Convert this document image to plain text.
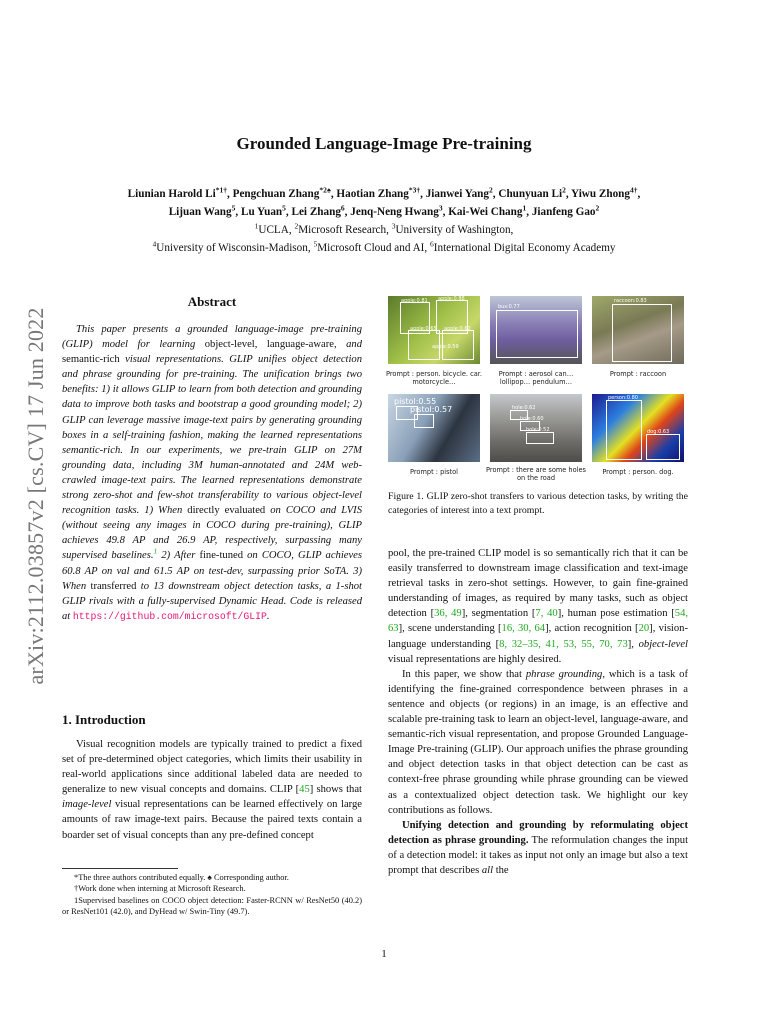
arXiv:2112.03857v2 [cs.CV] 17 Jun 2022
Grounded Language-Image Pre-training
Liunian Harold $Li^{*1\dagger}$, Pengchuan Zhang$^{*2♠}$, Haotian Zhang$^{*3\dagger}$, Jianwei Yang$^2$, Chunyuan Li$^2$, Yiwu Zhong$^{4\dagger}$,
Lijuan Wang$^5$, Lu Yuan$^5$, Lei Zhang$^6$, Jenq-Neng Hwang$^3$, Kai-Wei Chang$^1$, Jianfeng Gao$^2$
$^1$UCLA, $^2$Microsoft Research, $^3$University of Washington,
$^4$University of Wisconsin-Madison, $^5$Microsoft Cloud and AI, $^6$International Digital Economy Academy
Abstract

This paper presents a grounded language-image pre-training (GLIP) model for learning object-level, language-aware, and semantic-rich visual representations. GLIP unifies object detection and phrase grounding for pre-training. The unification brings two benefits: 1) it allows GLIP to learn from both detection and grounding data to improve both tasks and bootstrap a good grounding model; 2) GLIP can leverage massive image-text pairs by generating grounding boxes in a self-training fashion, making the learned representations semantic-rich. In our experiments, we pre-train GLIP on 27M grounding data, including 3M human-annotated and 24M web-crawled image-text pairs. The learned representations demonstrate strong zero-shot and few-shot transferability to various object-level recognition tasks. 1) When directly evaluated on COCO and LVIS (without seeing any images in COCO during pre-training), GLIP achieves 49.8 AP and 26.9 AP, respectively, surpassing many supervised baselines.$^1$ 2) After fine-tuned on COCO, GLIP achieves 60.8 AP on val and 61.5 AP on test-dev, surpassing prior SoTA. 3) When transferred to 13 downstream object detection tasks, a 1-shot GLIP rivals with a fully-supervised Dynamic Head. Code is released at https://github.com/microsoft/GLIP.

1. Introduction

Visual recognition models are typically trained to predict a fixed set of pre-determined object categories, which limits their usability in real-world applications since additional labeled data are needed to generalize to new visual concepts and domains. CLIP [45] shows that image-level visual representations can be learned effectively on large amounts of raw image-text pairs. Because the paired texts contain a boarder set of visual concepts than any pre-defined concept

*The three authors contributed equally. ♠ Corresponding author.
†Work done when interning at Microsoft Research.
1Supervised baselines on COCO object detection: Faster-RCNN w/ ResNet50 (40.2) or ResNet101 (42.0), and DyHead w/ Swin-Tiny (49.7).
apple:0.81 apple:0.88
apple:0.65 apple:0.62
apple:0.59
bus:0.77
raccoon:0.83
pistol:0.55
pistol:0.57	hole:0.62
hole:0.60
hole:0.52
person:0.80
dog:0.63
Prompt : person. bicycle. car. motorcycle…
Prompt : aerosol can… lollipop… pendulum…
Prompt : raccoon
Prompt : pistol	Prompt : there are some holes on the road
Prompt : person. dog.
Figure 1. GLIP zero-shot transfers to various detection tasks, by writing the categories of interest into a text prompt.

pool, the pre-trained CLIP model is so semantically rich that it can be easily transferred to downstream image classification and text-image retrieval tasks in zero-shot settings. However, to gain fine-grained understanding of images, as required by many tasks, such as object detection [36, 49], segmentation [7, 40], human pose estimation [54, 63], scene understanding [16, 30, 64], action recognition [20], vision-language understanding [8, 32–35, 41, 53, 55, 70, 73], object-level visual representations are highly desired.

In this paper, we show that phrase grounding, which is a task of identifying the fine-grained correspondence between phrases in a sentence and objects (or regions) in an image, is an effective and scalable pre-training task to learn an object-level, language-aware, and semantic-rich visual representation, and propose Grounded Language-Image Pre-training (GLIP). Our approach unifies the phrase grounding and object detection tasks in that object detection can be cast as context-free phrase grounding while phrase grounding can be viewed as a contextualized object detection task. We highlight our key contributions as follows.

Unifying detection and grounding by reformulating object detection as phrase grounding. The reformulation changes the input of a detection model: it takes as input not only an image but also a text prompt that describes all the

1
